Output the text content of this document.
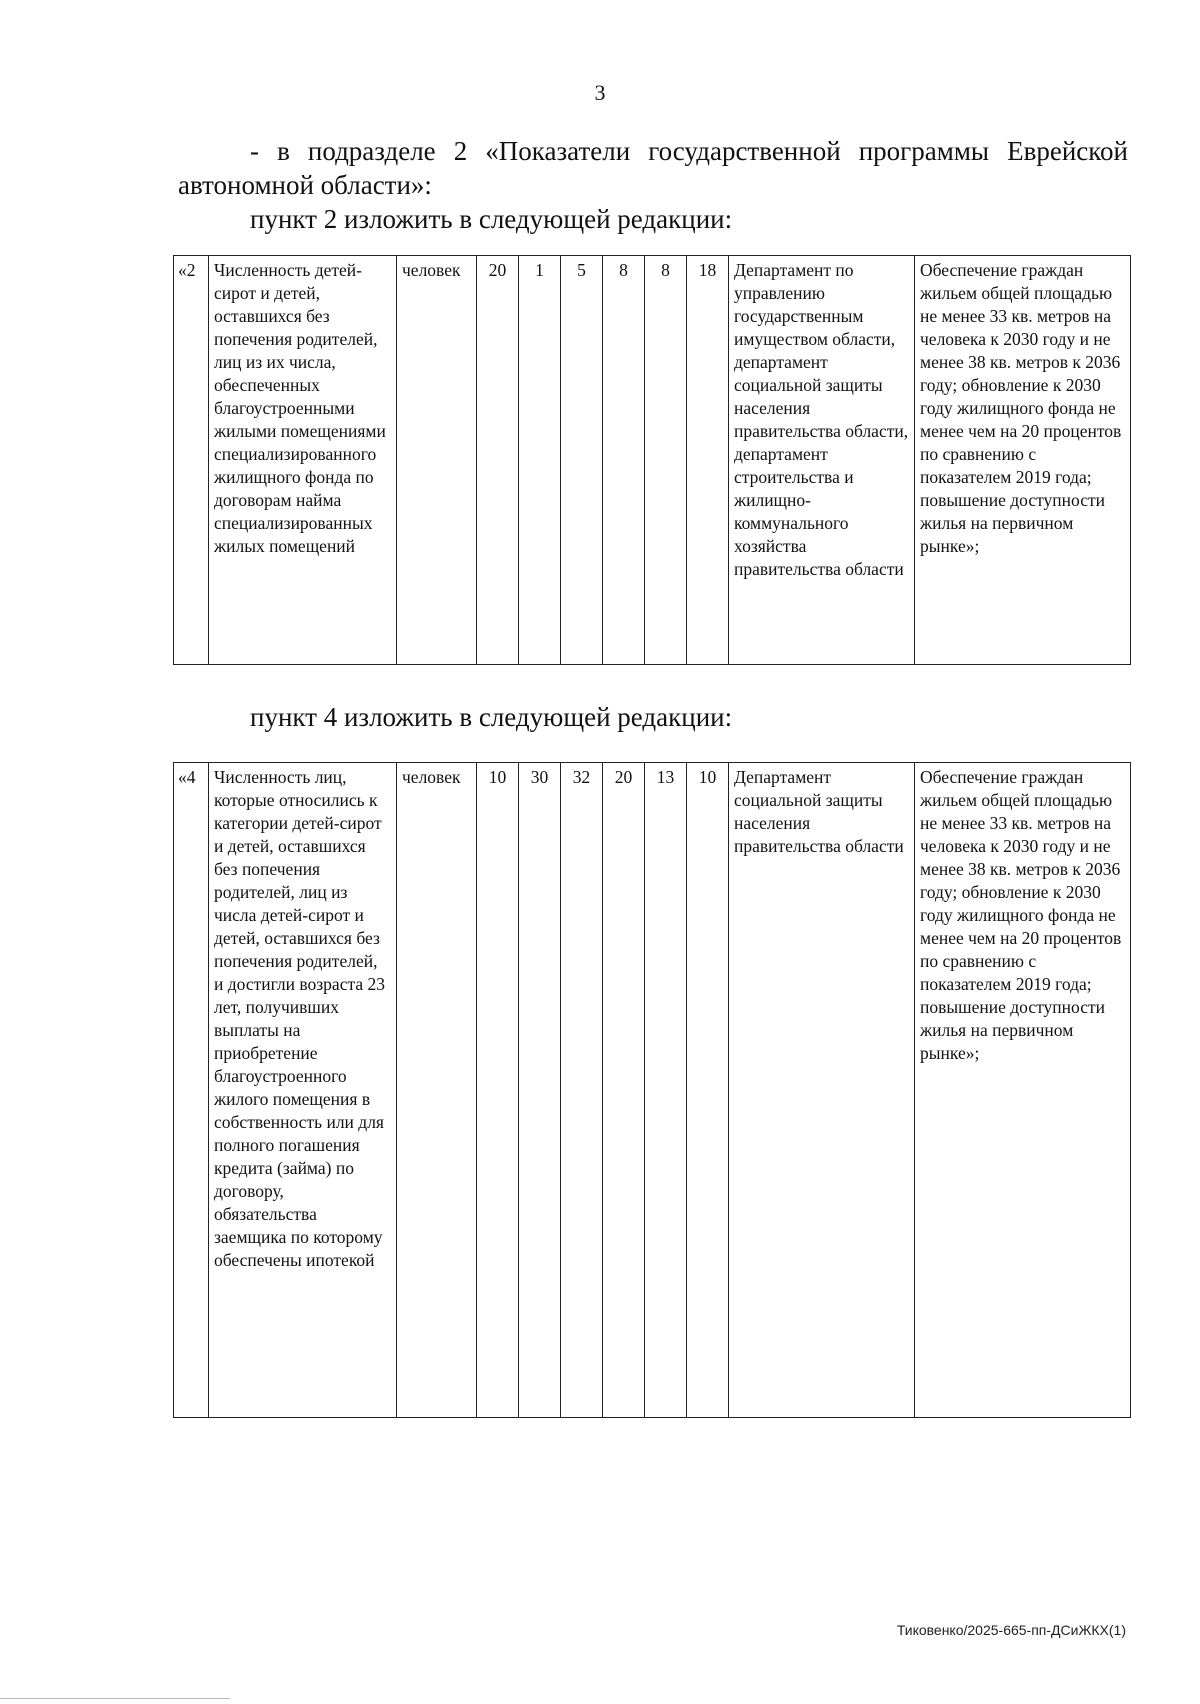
3
- в подразделе 2 «Показатели государственной программы Еврейской автономной области»:
пункт 2 изложить в следующей редакции:
«2	Численность детей-сирот и детей, оставшихся без попечения родителей, лиц из их числа, обеспеченных благоустроенными жилыми помещениями специализированного жилищного фонда по договорам найма специализированных жилых помещений	человек	20	1	5	8	8	18	Департамент по управлению государственным имуществом области, департамент социальной защиты населения правительства области, департамент строительства и жилищно-коммунального хозяйства правительства области	Обеспечение граждан жильем общей площадью не менее 33 кв. метров на человека к 2030 году и не менее 38 кв. метров к 2036 году; обновление к 2030 году жилищного фонда не менее чем на 20 процентов по сравнению с показателем 2019 года; повышение доступности жилья на первичном рынке»;
пункт 4 изложить в следующей редакции:
«4	Численность лиц, которые относились к категории детей-сирот и детей, оставшихся без попечения родителей, лиц из числа детей-сирот и детей, оставшихся без попечения родителей, и достигли возраста 23 лет, получивших выплаты на приобретение благоустроенного жилого помещения в собственность или для полного погашения кредита (займа) по договору, обязательства заемщика по которому обеспечены ипотекой	человек	10	30	32	20	13	10	Департамент социальной защиты населения правительства области	Обеспечение граждан жильем общей площадью не менее 33 кв. метров на человека к 2030 году и не менее 38 кв. метров к 2036 году; обновление к 2030 году жилищного фонда не менее чем на 20 процентов по сравнению с показателем 2019 года; повышение доступности жилья на первичном рынке»;
Тиковенко/2025-665-пп-ДСиЖКХ(1)
